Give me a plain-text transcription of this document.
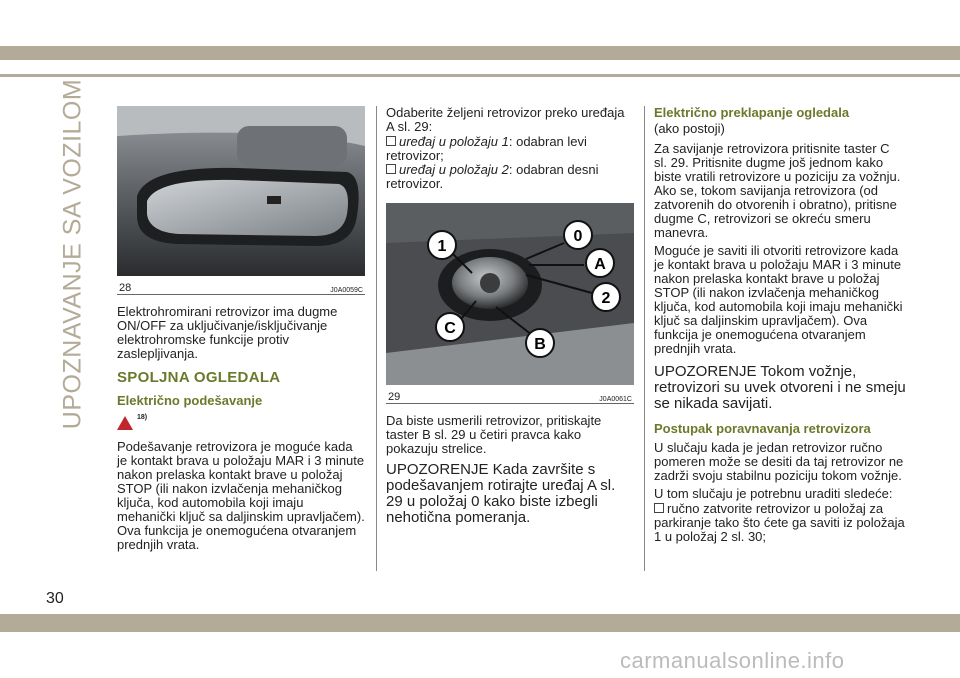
UPOZNAVANJE SA VOZILOM	28	J0A0059C

Elektrohromirani retrovizor ima dugme ON/OFF za uključivanje/isključivanje elektrohromske funkcije protiv zaslepljivanja.

SPOLJNA OGLEDALA
Električno podešavanje
18)

Podešavanje retrovizora je moguće kada je kontakt brava u položaju MAR i 3 minute nakon prelaska kontakt brave u položaj STOP (ili nakon izvlačenja mehaničkog ključa, kod automobila koji imaju mehanički ključ sa daljinskim upravljačem). Ova funkcija je onemogućena otvaranjem prednjih vrata.

Odaberite željeni retrovizor preko uređaja A sl. 29:

uređaj u položaju 1: odabran levi retrovizor;

uređaj u položaju 2: odabran desni retrovizor.

1
0
A
2
C
B
29	J0A0061C

Da biste usmerili retrovizor, pritiskajte taster B sl. 29 u četiri pravca kako pokazuju strelice.

UPOZORENJE Kada završite s podešavanjem rotirajte uređaj A sl. 29 u položaj 0 kako biste izbegli nehotična pomeranja.

Električno preklapanje ogledala

(ako postoji)

Za savijanje retrovizora pritisnite taster C sl. 29. Pritisnite dugme još jednom kako biste vratili retrovizore u poziciju za vožnju. Ako se, tokom savijanja retrovizora (od zatvorenih do otvorenih i obratno), pritisne dugme C, retrovizori se okreću smeru manevra.

Moguće je saviti ili otvoriti retrovizore kada je kontakt brava u položaju MAR i 3 minute nakon prelaska kontakt brave u položaj STOP (ili nakon izvlačenja mehaničkog ključa, kod automobila koji imaju mehanički ključ sa daljinskim upravljačem). Ova funkcija je onemogućena otvaranjem prednjih vrata.

UPOZORENJE Tokom vožnje, retrovizori su uvek otvoreni i ne smeju se nikada savijati.

Postupak poravnavanja retrovizora

U slučaju kada je jedan retrovizor ručno pomeren može se desiti da taj retrovizor ne zadrži svoju stabilnu poziciju tokom vožnje.

U tom slučaju je potrebnu uraditi sledeće:

ručno zatvorite retrovizor u položaj za parkiranje tako što ćete ga saviti iz položaja 1 u položaj 2 sl. 30;

30
carmanualsonline.info
